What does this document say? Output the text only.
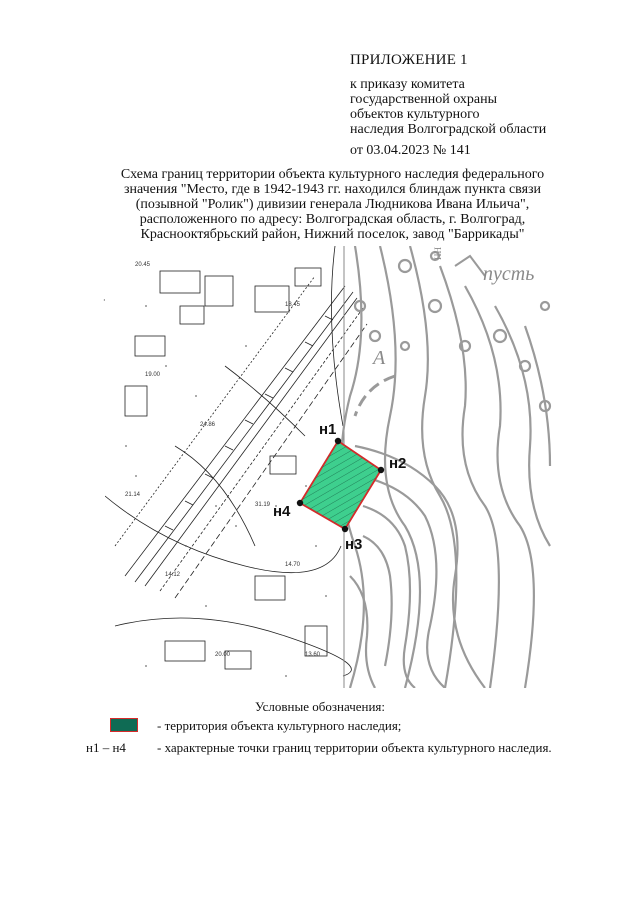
ПРИЛОЖЕНИЕ 1
к приказу комитета
государственной охраны
объектов культурного
наследия Волгоградской области
от 03.04.2023 № 141
Схема границ территории объекта культурного наследия федерального
значения "Место, где в 1942-1943 гг. находился блиндаж пункта связи
(позывной "Ролик") дивизии генерала Людникова Ивана Ильича",
расположенного по адресу: Волгоградская область, г. Волгоград,
Краснооктябрьский район, Нижний поселок, завод "Баррикады"
20.45
18.45
19.00
24.86
31.19
14.12
14.70
20.00
21.14
13.60
пусть
А
НН
н1
н2
н3
н4
Условные обозначения:
- территория объекта культурного наследия;
н1 – н4 - характерные точки границ территории объекта культурного наследия.
